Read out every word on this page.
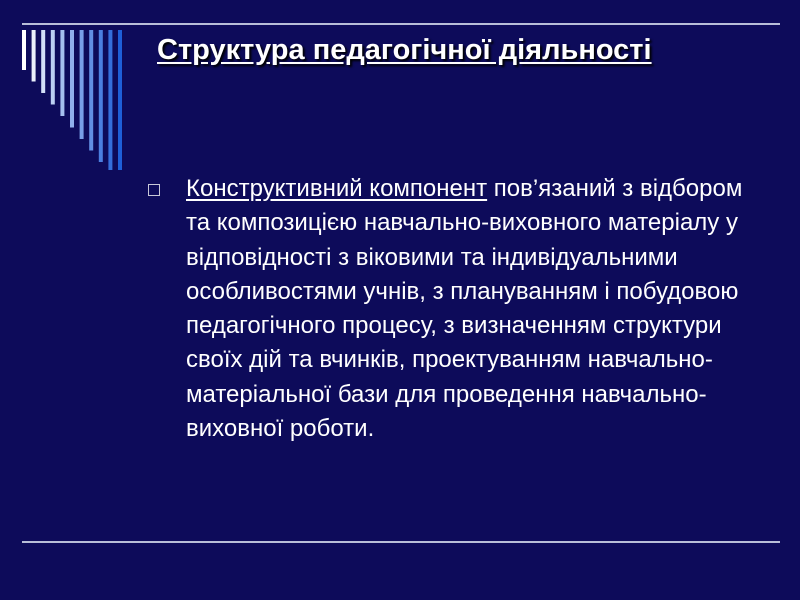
Структура педагогічної діяльності
Конструктивний компонент пов’язаний з відбором та композицією навчально-виховного матеріалу у відповідності з віковими та індивідуальними особливостями учнів, з плануванням і побудовою педагогічного процесу, з визначенням структури своїх дій та вчинків, проектуванням навчально-матеріальної бази для проведення навчально-виховної роботи.
